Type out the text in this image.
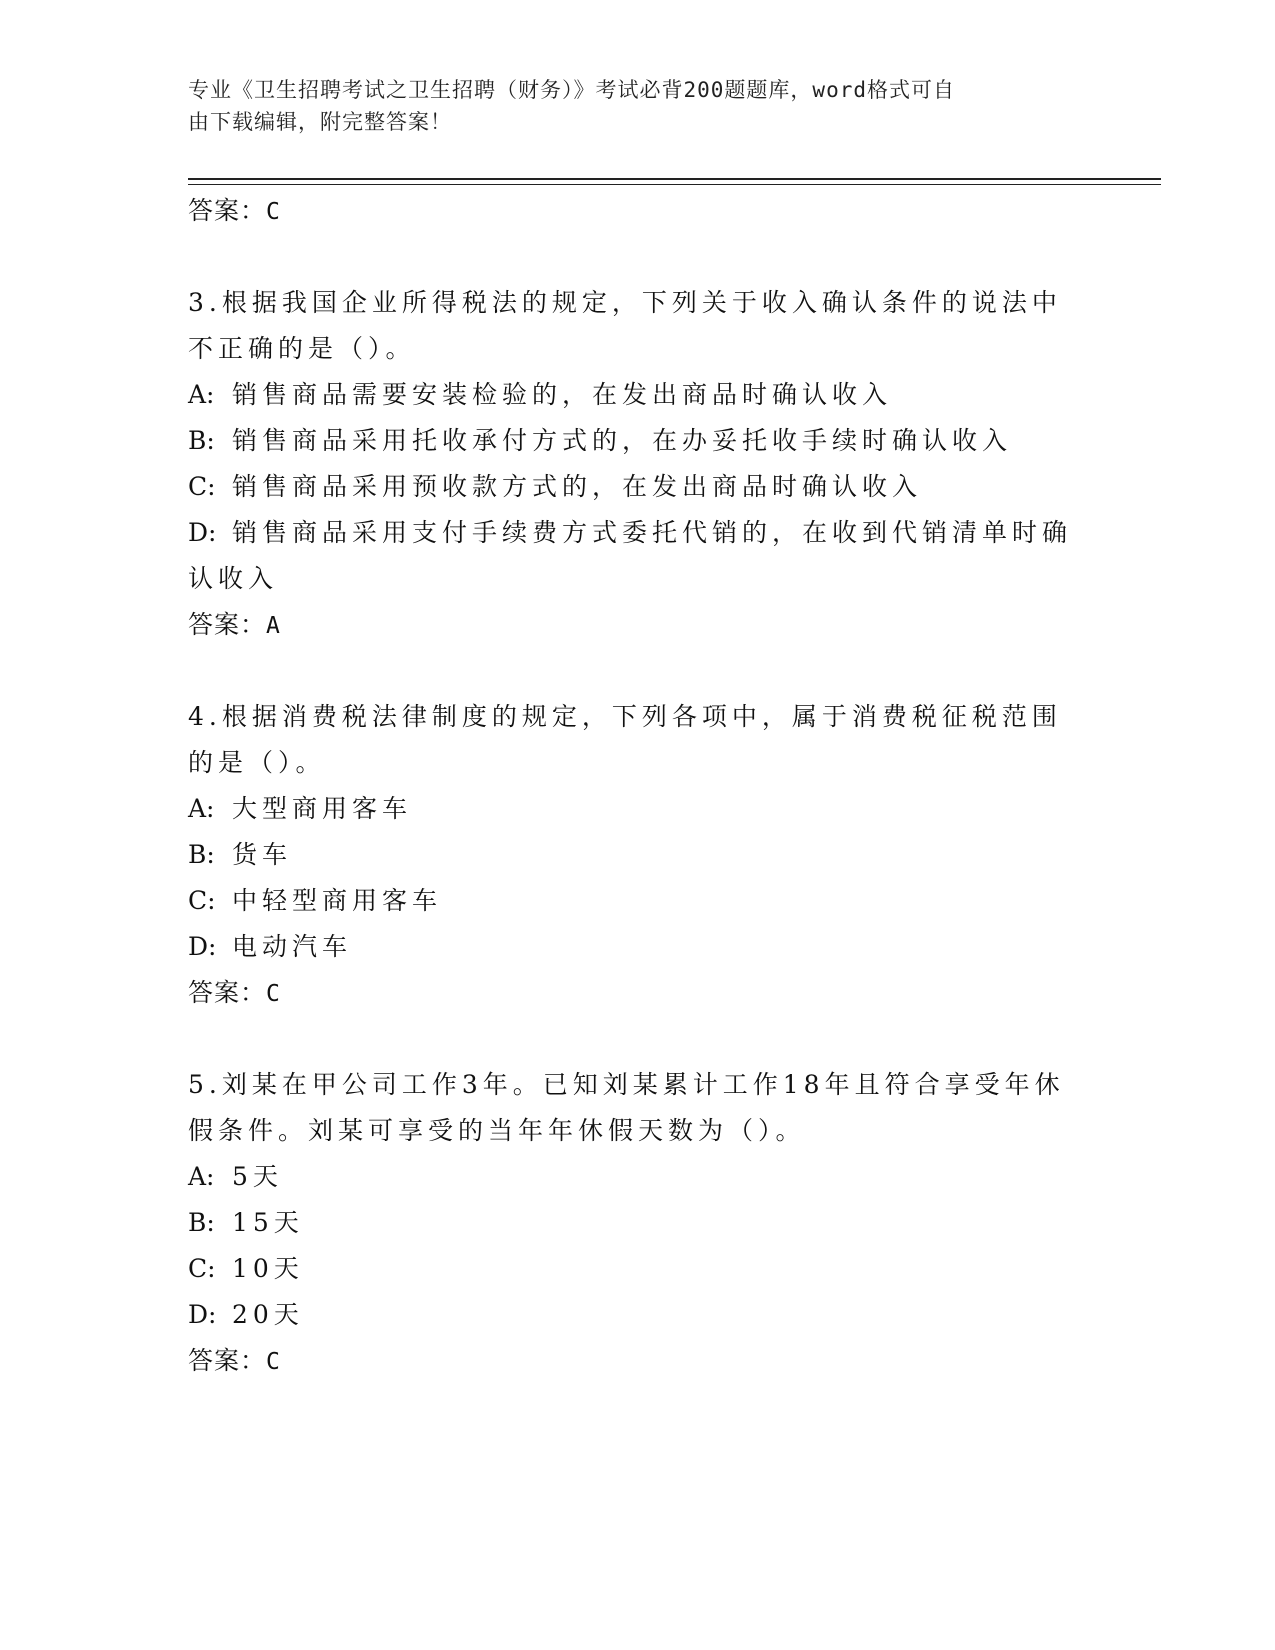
专业《卫生招聘考试之卫生招聘（财务）》考试必背200题题库，word格式可自
由下载编辑，附完整答案！
答案：C
3.根据我国企业所得税法的规定，下列关于收入确认条件的说法中不正确的是（）。
A: 销售商品需要安装检验的，在发出商品时确认收入
B: 销售商品采用托收承付方式的，在办妥托收手续时确认收入
C: 销售商品采用预收款方式的，在发出商品时确认收入
D: 销售商品采用支付手续费方式委托代销的，在收到代销清单时确认收入
答案：A
4.根据消费税法律制度的规定，下列各项中，属于消费税征税范围的是（）。
A: 大型商用客车
B: 货车
C: 中轻型商用客车
D: 电动汽车
答案：C
5.刘某在甲公司工作3年。已知刘某累计工作18年且符合享受年休假条件。刘某可享受的当年年休假天数为（）。
A: 5天
B: 15天
C: 10天
D: 20天
答案：C
